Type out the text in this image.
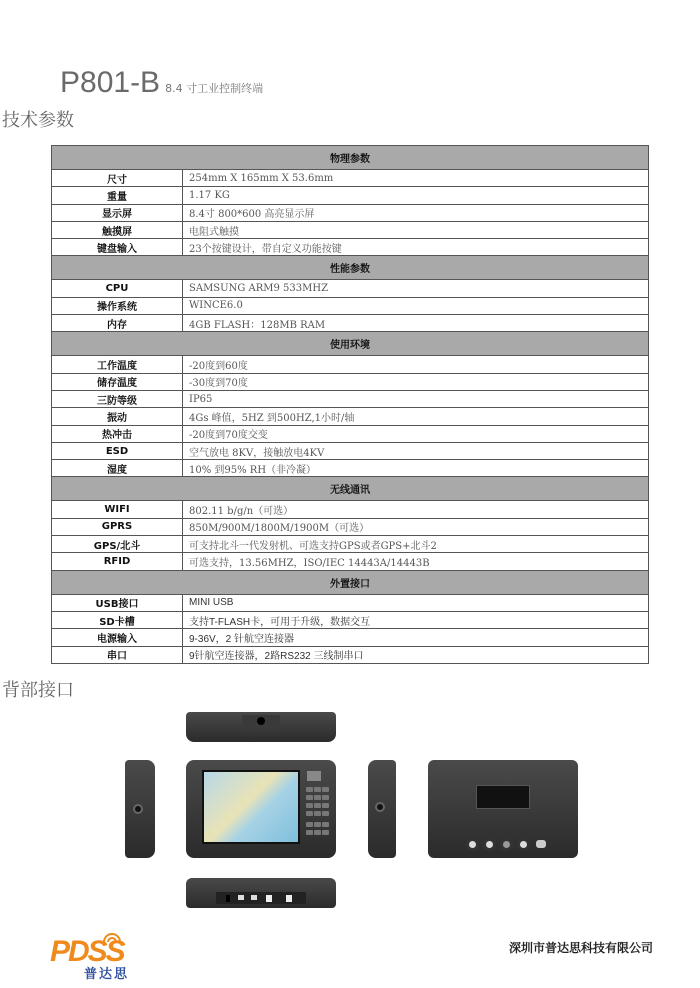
P801-B 8.4 寸工业控制终端
技术参数
物理参数	
尺寸	254mm X 165mm X 53.6mm
重量	1.17 KG
显示屏	8.4寸 800*600 高亮显示屏
触摸屏	电阻式触摸
键盘输入	23个按键设计，带自定义功能按键
性能参数	
CPU	SAMSUNG ARM9 533MHZ
操作系统	WINCE6.0
内存	4GB FLASH：128MB RAM
使用环境	
工作温度	-20度到60度
储存温度	-30度到70度
三防等级	IP65
振动	4Gs 峰值，5HZ 到500HZ,1小时/轴
热冲击	-20度到70度交变
ESD	空气放电 8KV，接触放电4KV
湿度	10% 到95% RH（非冷凝）
无线通讯	
WIFI	802.11 b/g/n（可选）
GPRS	850M/900M/1800M/1900M（可选）
GPS/北斗	可支持北斗一代发射机、可选支持GPS或者GPS+北斗2
RFID	可选支持，13.56MHZ，ISO/IEC 14443A/14443B
外置接口	
USB接口	MINI USB
SD卡槽	支持T-FLASH卡，可用于升级，数据交互
电源输入	9-36V，2 针航空连接器
串口	9针航空连接器，2路RS232 三线制串口
背部接口
PDSS
普达思
深圳市普达思科技有限公司
